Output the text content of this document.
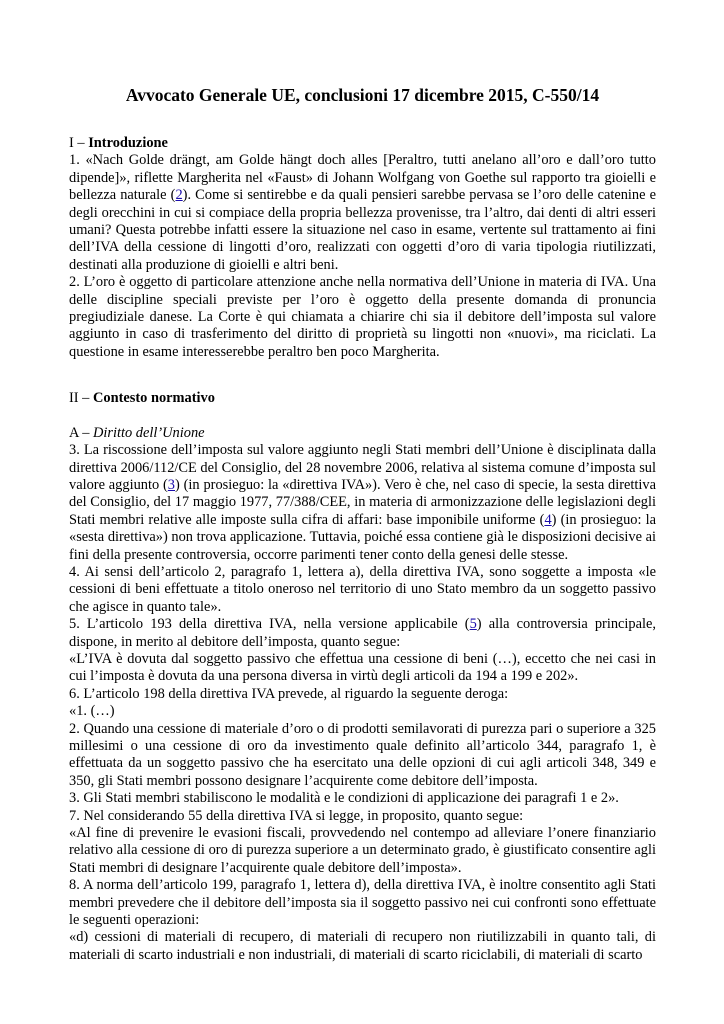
Avvocato Generale UE, conclusioni 17 dicembre 2015, C-550/14
I – Introduzione

1. «Nach Golde drängt, am Golde hängt doch alles [Peraltro, tutti anelano all’oro e dall’oro tutto dipende]», riflette Margherita nel «Faust» di Johann Wolfgang von Goethe sul rapporto tra gioielli e bellezza naturale (2). Come si sentirebbe e da quali pensieri sarebbe pervasa se l’oro delle catenine e degli orecchini in cui si compiace della propria bellezza provenisse, tra l’altro, dai denti di altri esseri umani? Questa potrebbe infatti essere la situazione nel caso in esame, vertente sul trattamento ai fini dell’IVA della cessione di lingotti d’oro, realizzati con oggetti d’oro di varia tipologia riutilizzati, destinati alla produzione di gioielli e altri beni.

2. L’oro è oggetto di particolare attenzione anche nella normativa dell’Unione in materia di IVA. Una delle discipline speciali previste per l’oro è oggetto della presente domanda di pronuncia pregiudiziale danese. La Corte è qui chiamata a chiarire chi sia il debitore dell’imposta sul valore aggiunto in caso di trasferimento del diritto di proprietà su lingotti non «nuovi», ma riciclati. La questione in esame interesserebbe peraltro ben poco Margherita.

II – Contesto normativo
A – Diritto dell’Unione

3. La riscossione dell’imposta sul valore aggiunto negli Stati membri dell’Unione è disciplinata dalla direttiva 2006/112/CE del Consiglio, del 28 novembre 2006, relativa al sistema comune d’imposta sul valore aggiunto (3) (in prosieguo: la «direttiva IVA»). Vero è che, nel caso di specie, la sesta direttiva del Consiglio, del 17 maggio 1977, 77/388/CEE, in materia di armonizzazione delle legislazioni degli Stati membri relative alle imposte sulla cifra di affari: base imponibile uniforme (4) (in prosieguo: la «sesta direttiva») non trova applicazione. Tuttavia, poiché essa contiene già le disposizioni decisive ai fini della presente controversia, occorre parimenti tener conto della genesi delle stesse.

4. Ai sensi dell’articolo 2, paragrafo 1, lettera a), della direttiva IVA, sono soggette a imposta «le cessioni di beni effettuate a titolo oneroso nel territorio di uno Stato membro da un soggetto passivo che agisce in quanto tale».

5. L’articolo 193 della direttiva IVA, nella versione applicabile (5) alla controversia principale, dispone, in merito al debitore dell’imposta, quanto segue:

«L’IVA è dovuta dal soggetto passivo che effettua una cessione di beni (…), eccetto che nei casi in cui l’imposta è dovuta da una persona diversa in virtù degli articoli da 194 a 199 e 202».

6. L’articolo 198 della direttiva IVA prevede, al riguardo la seguente deroga:

«1. (…)

2. Quando una cessione di materiale d’oro o di prodotti semilavorati di purezza pari o superiore a 325 millesimi o una cessione di oro da investimento quale definito all’articolo 344, paragrafo 1, è effettuata da un soggetto passivo che ha esercitato una delle opzioni di cui agli articoli 348, 349 e 350, gli Stati membri possono designare l’acquirente come debitore dell’imposta.

3. Gli Stati membri stabiliscono le modalità e le condizioni di applicazione dei paragrafi 1 e 2».

7. Nel considerando 55 della direttiva IVA si legge, in proposito, quanto segue:

«Al fine di prevenire le evasioni fiscali, provvedendo nel contempo ad alleviare l’onere finanziario relativo alla cessione di oro di purezza superiore a un determinato grado, è giustificato consentire agli Stati membri di designare l’acquirente quale debitore dell’imposta».

8. A norma dell’articolo 199, paragrafo 1, lettera d), della direttiva IVA, è inoltre consentito agli Stati membri prevedere che il debitore dell’imposta sia il soggetto passivo nei cui confronti sono effettuate le seguenti operazioni:

«d) cessioni di materiali di recupero, di materiali di recupero non riutilizzabili in quanto tali, di materiali di scarto industriali e non industriali, di materiali di scarto riciclabili, di materiali di scarto
